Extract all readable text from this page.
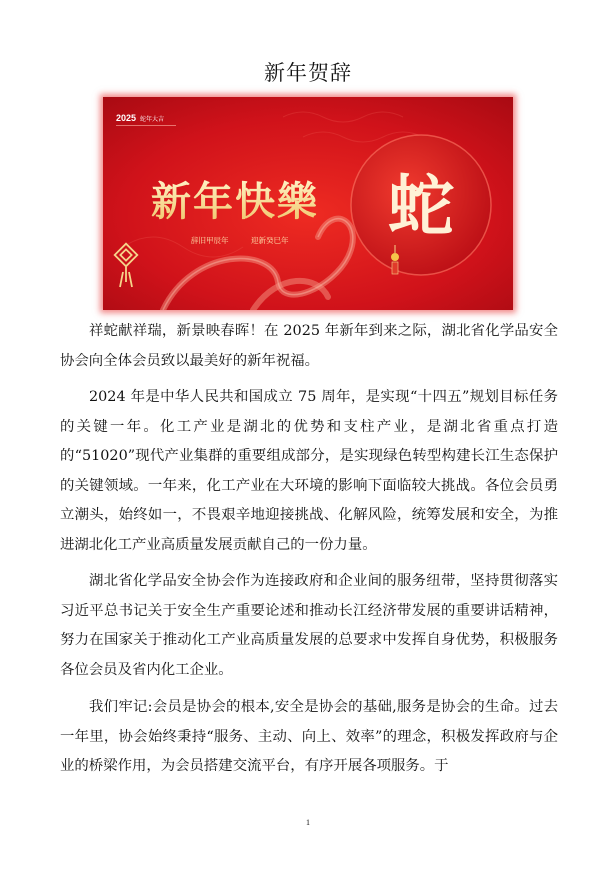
新年贺辞
2025 蛇年大吉
新年快樂
辞旧甲辰年	迎新癸巳年 蛇

祥蛇献祥瑞，新景映春晖！在 2025 年新年到来之际，湖北省化学品安全协会向全体会员致以最美好的新年祝福。

2024 年是中华人民共和国成立 75 周年，是实现“十四五”规划目标任务的关键一年。化工产业是湖北的优势和支柱产业，是湖北省重点打造的“51020”现代产业集群的重要组成部分，是实现绿色转型构建长江生态保护的关键领域。一年来，化工产业在大环境的影响下面临较大挑战。各位会员勇立潮头，始终如一，不畏艰辛地迎接挑战、化解风险，统筹发展和安全，为推进湖北化工产业高质量发展贡献自己的一份力量。

湖北省化学品安全协会作为连接政府和企业间的服务纽带，坚持贯彻落实习近平总书记关于安全生产重要论述和推动长江经济带发展的重要讲话精神，努力在国家关于推动化工产业高质量发展的总要求中发挥自身优势，积极服务各位会员及省内化工企业。

我们牢记:会员是协会的根本,安全是协会的基础,服务是协会的生命。过去一年里，协会始终秉持“服务、主动、向上、效率”的理念，积极发挥政府与企业的桥梁作用，为会员搭建交流平台，有序开展各项服务。于

1
